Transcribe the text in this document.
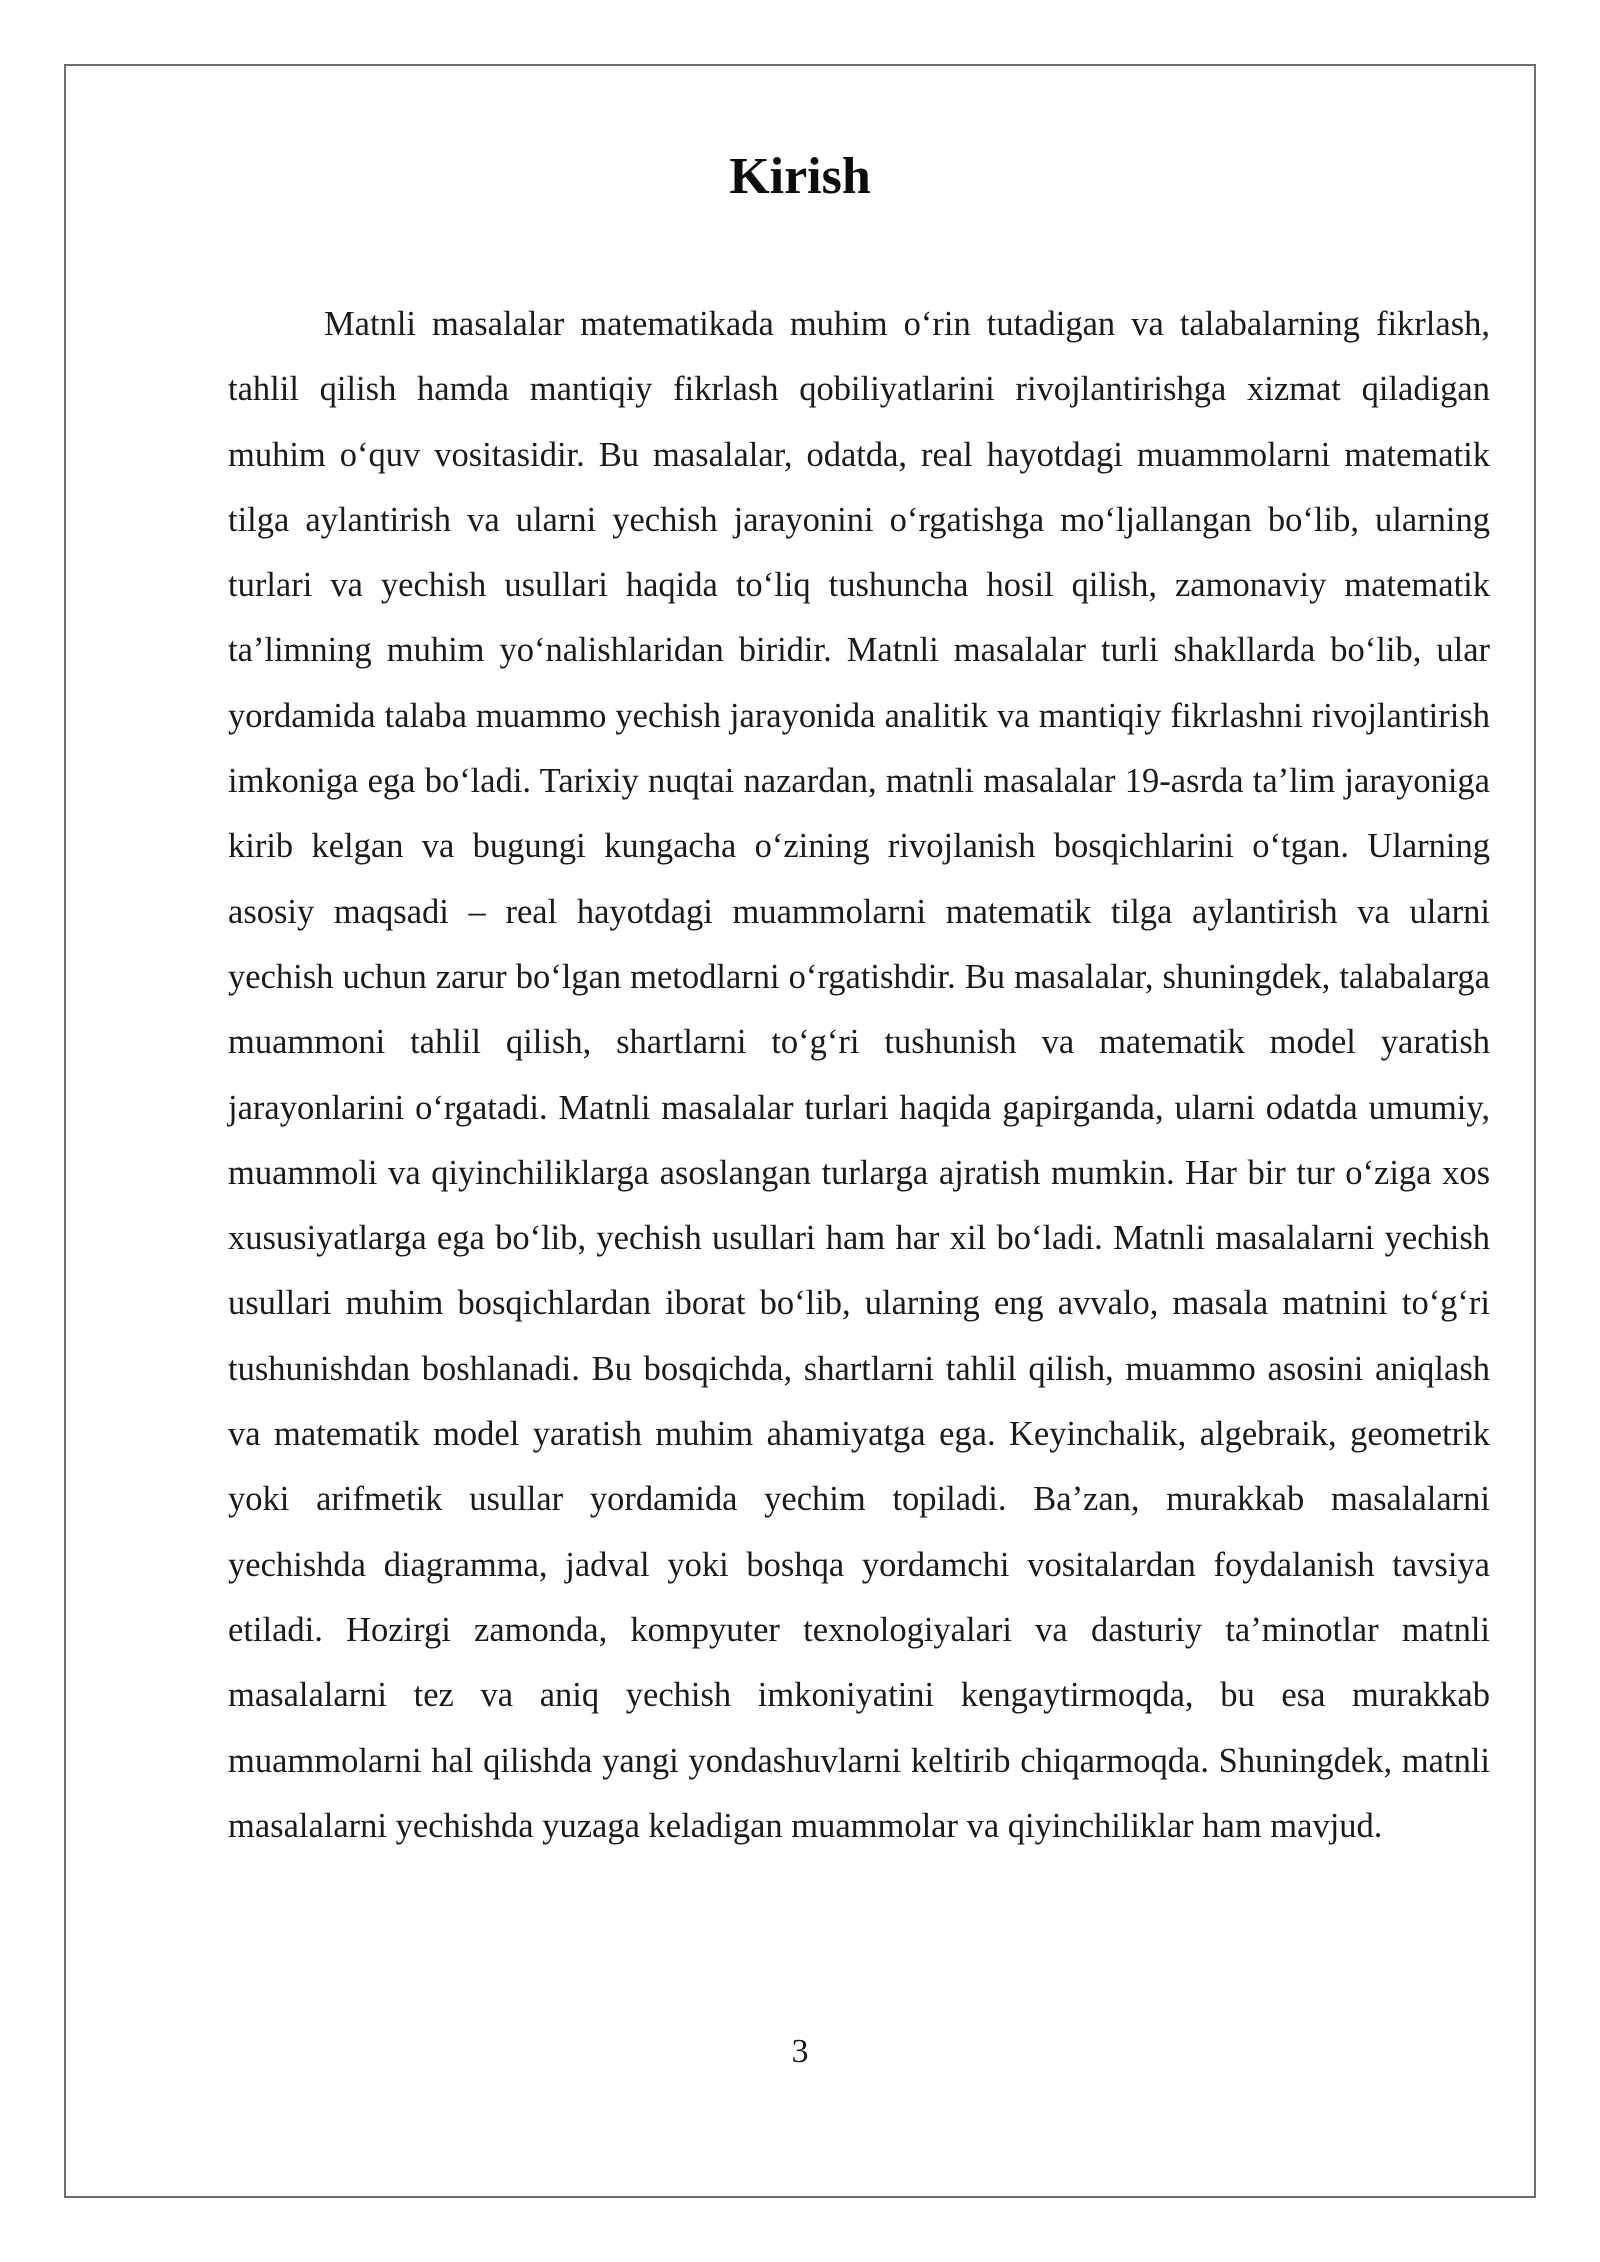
Kirish

Matnli masalalar matematikada muhim oʻrin tutadigan va talabalarning fikrlash, tahlil qilish hamda mantiqiy fikrlash qobiliyatlarini rivojlantirishga xizmat qiladigan muhim oʻquv vositasidir. Bu masalalar, odatda, real hayotdagi muammolarni matematik tilga aylantirish va ularni yechish jarayonini oʻrgatishga moʻljallangan boʻlib, ularning turlari va yechish usullari haqida toʻliq tushuncha hosil qilish, zamonaviy matematik taʼlimning muhim yoʻnalishlaridan biridir. Matnli masalalar turli shakllarda boʻlib, ular yordamida talaba muammo yechish jarayonida analitik va mantiqiy fikrlashni rivojlantirish imkoniga ega boʻladi. Tarixiy nuqtai nazardan, matnli masalalar 19-asrda taʼlim jarayoniga kirib kelgan va bugungi kungacha oʻzining rivojlanish bosqichlarini oʻtgan. Ularning asosiy maqsadi – real hayotdagi muammolarni matematik tilga aylantirish va ularni yechish uchun zarur boʻlgan metodlarni oʻrgatishdir. Bu masalalar, shuningdek, talabalarga muammoni tahlil qilish, shartlarni toʻgʻri tushunish va matematik model yaratish jarayonlarini oʻrgatadi. Matnli masalalar turlari haqida gapirganda, ularni odatda umumiy, muammoli va qiyinchiliklarga asoslangan turlarga ajratish mumkin. Har bir tur oʻziga xos xususiyatlarga ega boʻlib, yechish usullari ham har xil boʻladi. Matnli masalalarni yechish usullari muhim bosqichlardan iborat boʻlib, ularning eng avvalo, masala matnini toʻgʻri tushunishdan boshlanadi. Bu bosqichda, shartlarni tahlil qilish, muammo asosini aniqlash va matematik model yaratish muhim ahamiyatga ega. Keyinchalik, algebraik, geometrik yoki arifmetik usullar yordamida yechim topiladi. Baʼzan, murakkab masalalarni yechishda diagramma, jadval yoki boshqa yordamchi vositalardan foydalanish tavsiya etiladi. Hozirgi zamonda, kompyuter texnologiyalari va dasturiy taʼminotlar matnli masalalarni tez va aniq yechish imkoniyatini kengaytirmoqda, bu esa murakkab muammolarni hal qilishda yangi yondashuvlarni keltirib chiqarmoqda. Shuningdek, matnli masalalarni yechishda yuzaga keladigan muammolar va qiyinchiliklar ham mavjud.

3
